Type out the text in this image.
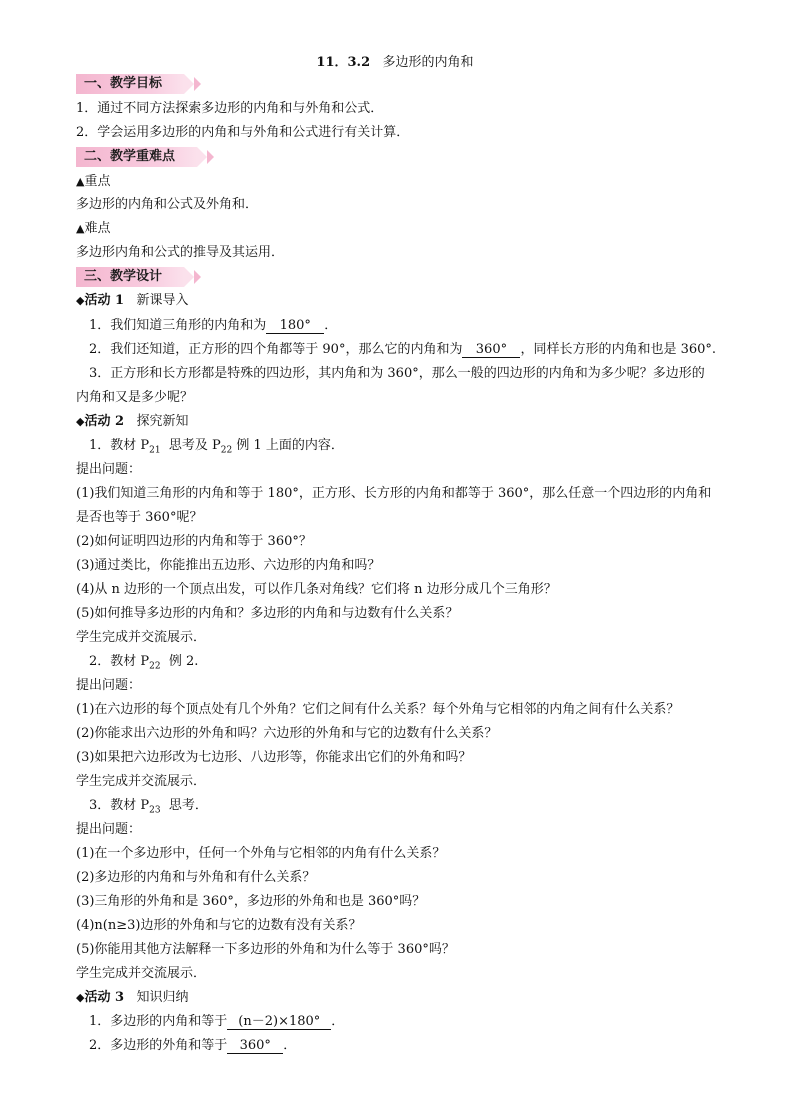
11．3.2 多边形的内角和
一、教学目标
1．通过不同方法探索多边形的内角和与外角和公式．
2．学会运用多边形的内角和与外角和公式进行有关计算．
二、教学重难点
▲重点
多边形的内角和公式及外角和．
▲难点
多边形内角和公式的推导及其运用．
三、教学设计
◆活动 1 新课导入
1．我们知道三角形的内角和为 180° ．
2．我们还知道，正方形的四个角都等于 90°，那么它的内角和为 360° ，同样长方形的内角和也是 360°.
3．正方形和长方形都是特殊的四边形，其内角和为 360°，那么一般的四边形的内角和为多少呢？多边形的
内角和又是多少呢？
◆活动 2 探究新知
1．教材 $P_{21}$ 思考及 $P_{22}$ 例 1 上面的内容．
提出问题：
(1)我们知道三角形的内角和等于 180°，正方形、长方形的内角和都等于 360°，那么任意一个四边形的内角和
是否也等于 360°呢？
(2)如何证明四边形的内角和等于 360°？
(3)通过类比，你能推出五边形、六边形的内角和吗？
(4)从 n 边形的一个顶点出发，可以作几条对角线？它们将 n 边形分成几个三角形？
(5)如何推导多边形的内角和？多边形的内角和与边数有什么关系？
学生完成并交流展示．
2．教材 $P_{22}$ 例 2.
提出问题：
(1)在六边形的每个顶点处有几个外角？它们之间有什么关系？每个外角与它相邻的内角之间有什么关系？
(2)你能求出六边形的外角和吗？六边形的外角和与它的边数有什么关系？
(3)如果把六边形改为七边形、八边形等，你能求出它们的外角和吗？
学生完成并交流展示．
3．教材 $P_{23}$ 思考．
提出问题：
(1)在一个多边形中，任何一个外角与它相邻的内角有什么关系？
(2)多边形的内角和与外角和有什么关系？
(3)三角形的外角和是 360°，多边形的外角和也是 360°吗？
(4)n(n≥3)边形的外角和与它的边数有没有关系？
(5)你能用其他方法解释一下多边形的外角和为什么等于 360°吗？
学生完成并交流展示．
◆活动 3 知识归纳
1．多边形的内角和等于 (n－2)×180° ．
2．多边形的外角和等于 360° ．
